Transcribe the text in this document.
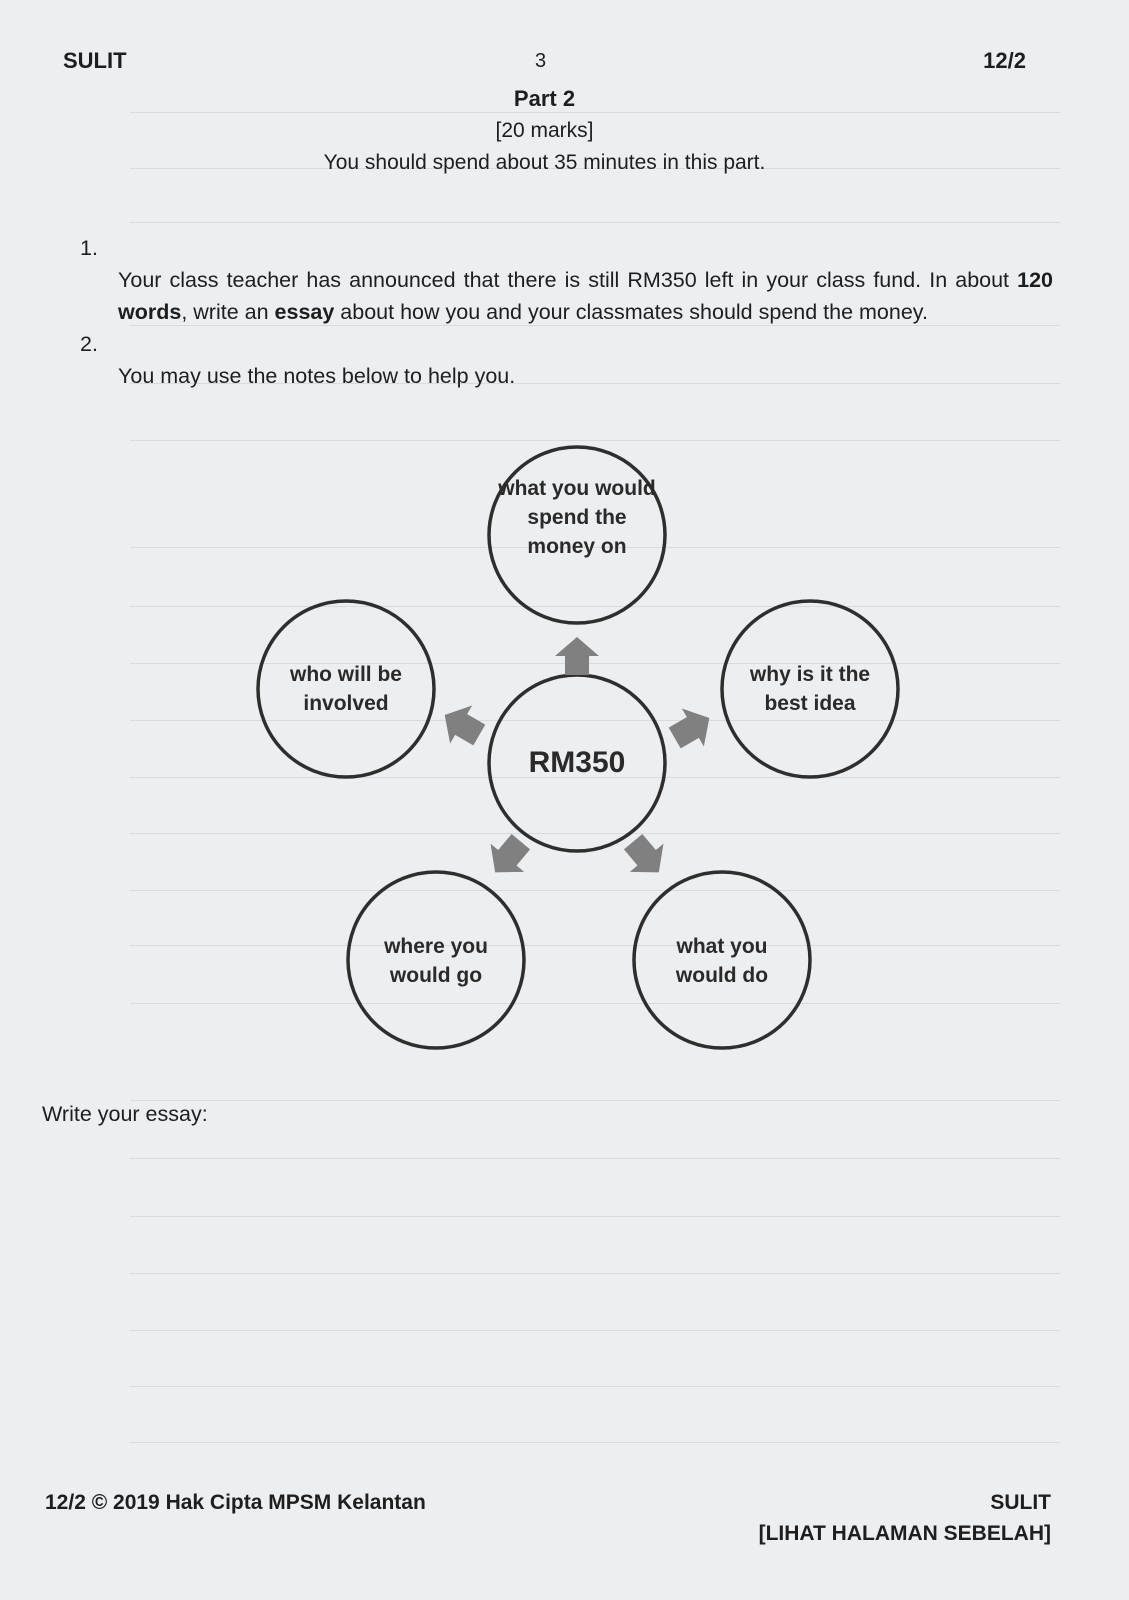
SULIT	3	12/2
Part 2
[20 marks]
You should spend about 35 minutes in this part.
1.
Your class teacher has announced that there is still RM350 left in your class fund. In about 120 words, write an essay about how you and your classmates should spend the money.
2.
You may use the notes below to help you.
what you would spend the money on
who will be involved
why is it the best idea
RM350
where you would go
what you would do
Write your essay:
12/2 © 2019 Hak Cipta MPSM Kelantan	SULIT
[LIHAT HALAMAN SEBELAH]
